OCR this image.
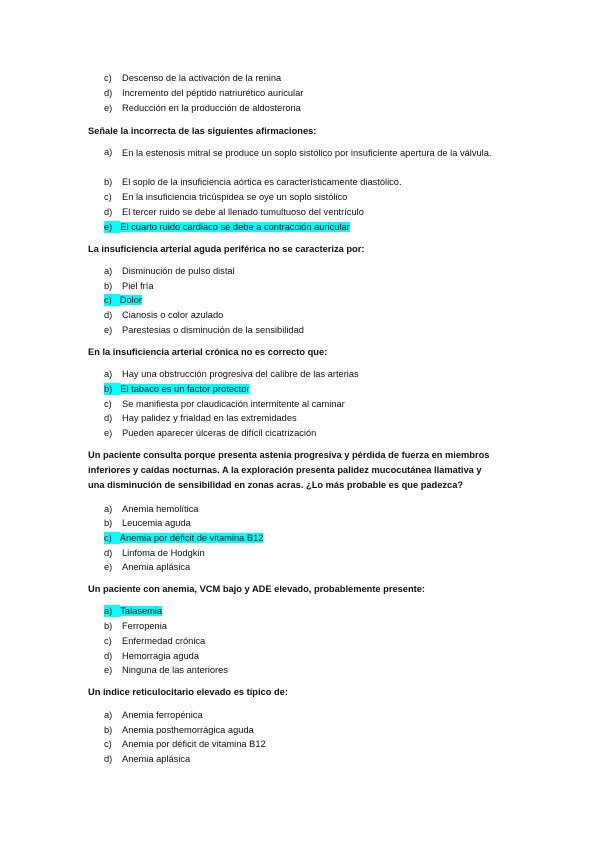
c) Descenso de la activación de la renina
d) Incremento del péptido natriurético auricular
e) Reducción en la producción de aldosterona
Señale la incorrecta de las siguientes afirmaciones:
a) En la estenosis mitral se produce un soplo sistólico por insuficiente apertura de la válvula.
b) El soplo de la insuficiencia aórtica es característicamente diastólico.
c) En la insuficiencia tricúspidea se oye un soplo sistólico
d) El tercer ruido se debe al llenado tumultuoso del ventrículo
e) El cuarto ruido cardiaco se debe a contracción auricular
La insuficiencia arterial aguda periférica no se caracteriza por:
a) Disminución de pulso distal
b) Piel fría
c) Dolor
d) Cianosis o color azulado
e) Parestesias o disminución de la sensibilidad
En la insuficiencia arterial crónica no es correcto que:
a) Hay una obstrucción progresiva del calibre de las arterias
b) El tabaco es un factor protector
c) Se manifiesta por claudicación intermitente al caminar
d) Hay palidez y frialdad en las extremidades
e) Pueden aparecer úlceras de difícil cicatrización
Un paciente consulta porque presenta astenia progresiva y pérdida de fuerza en miembros inferiores y caídas nocturnas. A la exploración presenta palidez mucocutánea llamativa y una disminución de sensibilidad en zonas acras. ¿Lo más probable es que padezca?
a) Anemia hemolítica
b) Leucemia aguda
c) Anemia por déficit de vitamina B12
d) Linfoma de Hodgkin
e) Anemia aplásica
Un paciente con anemia, VCM bajo y ADE elevado, probablemente presente:
a) Talasemia
b) Ferropenia
c) Enfermedad crónica
d) Hemorragia aguda
e) Ninguna de las anteriores
Un índice reticulocitario elevado es típico de:
a) Anemia ferropénica
b) Anemia posthemorrágica aguda
c) Anemia por déficit de vitamina B12
d) Anemia aplásica
